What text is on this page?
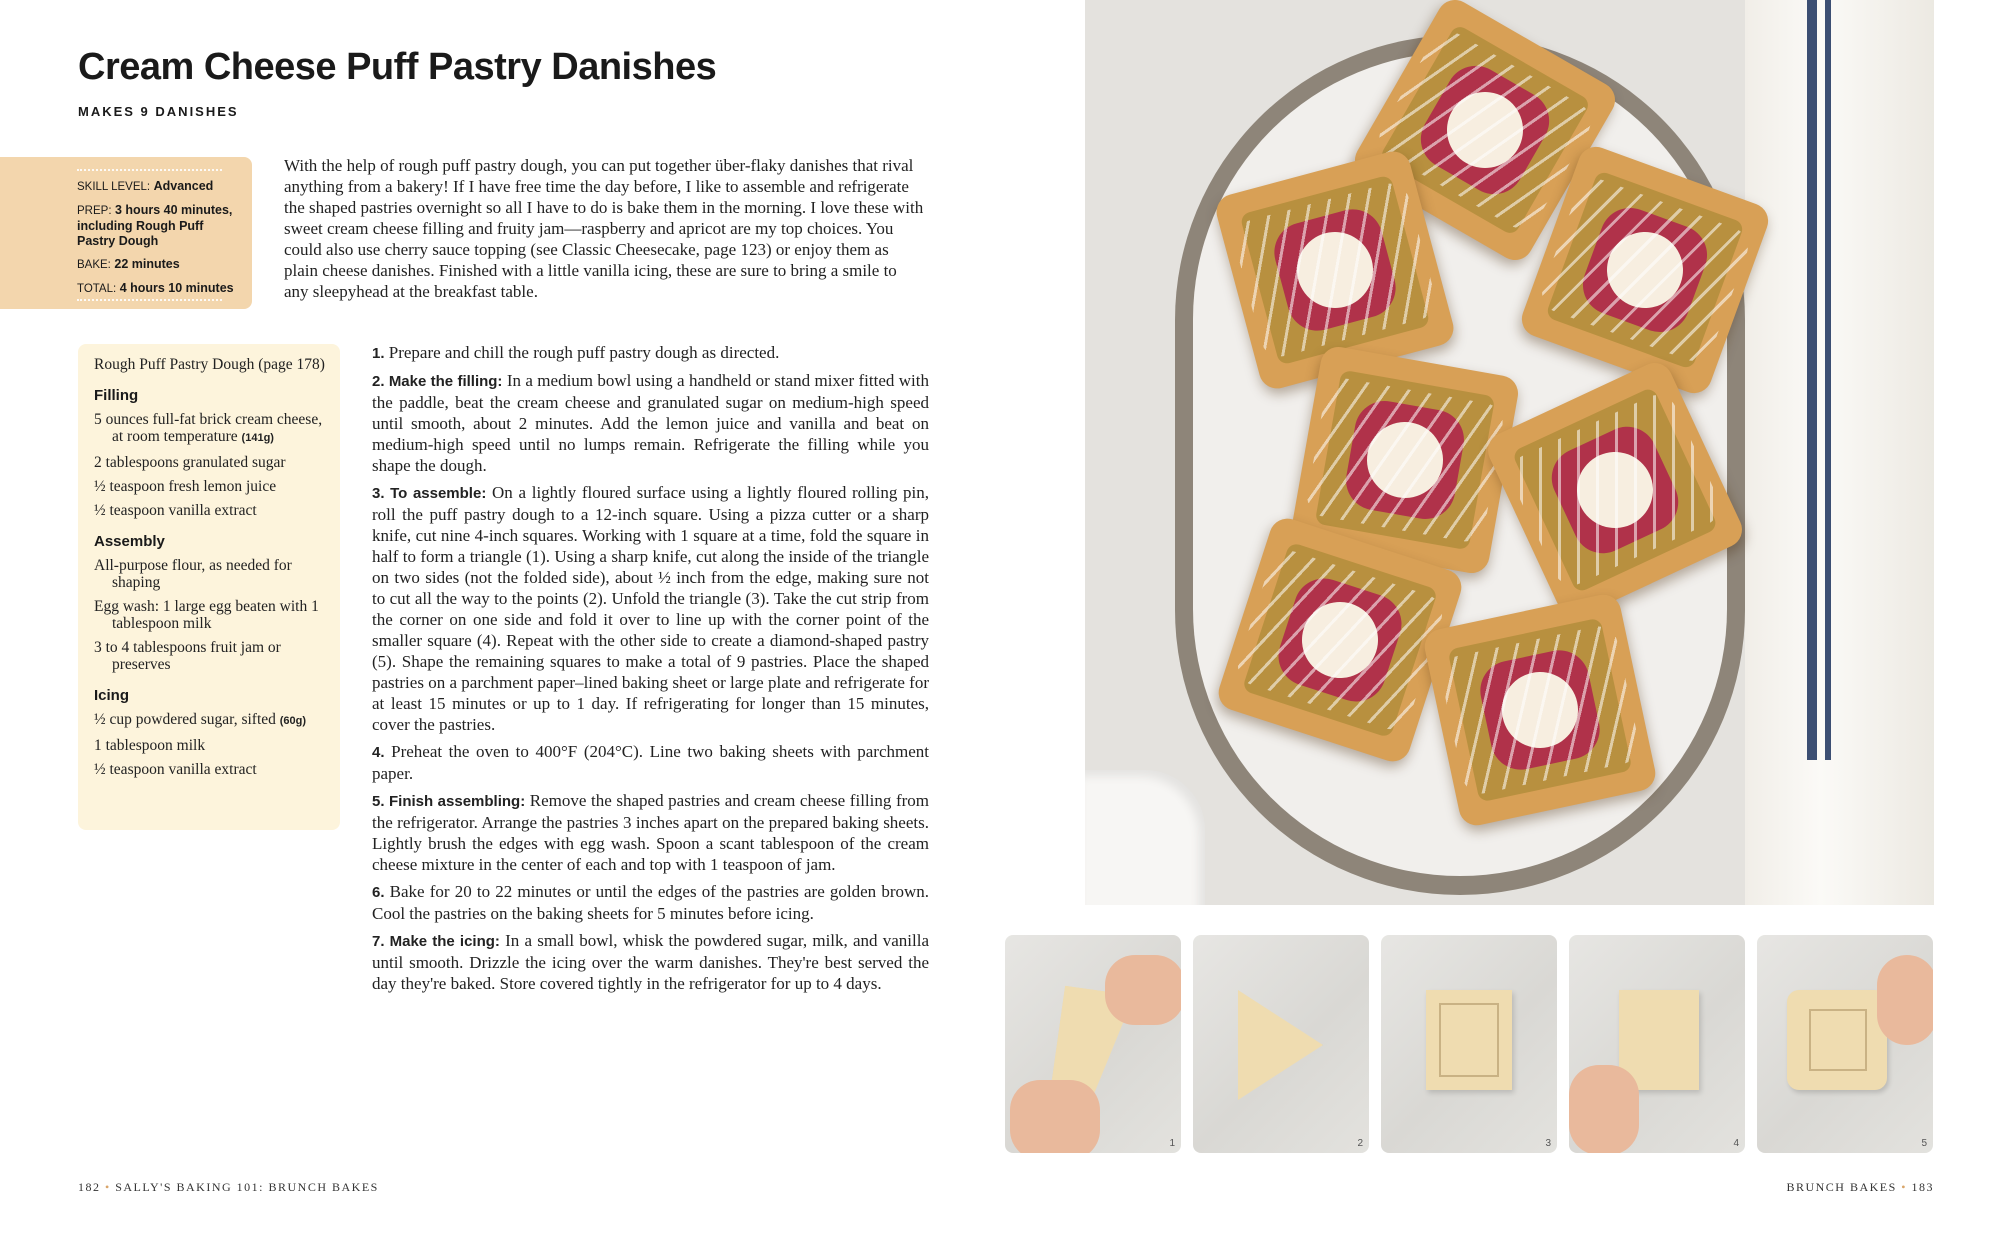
Cream Cheese Puff Pastry Danishes
MAKES 9 DANISHES
SKILL LEVEL: Advanced
PREP: 3 hours 40 minutes, including Rough Puff Pastry Dough
BAKE: 22 minutes
TOTAL: 4 hours 10 minutes

With the help of rough puff pastry dough, you can put together über-flaky danishes that rival anything from a bakery! If I have free time the day before, I like to assemble and refrigerate the shaped pastries overnight so all I have to do is bake them in the morning. I love these with sweet cream cheese filling and fruity jam—raspberry and apricot are my top choices. You could also use cherry sauce topping (see Classic Cheesecake, page 123) or enjoy them as plain cheese danishes. Finished with a little vanilla icing, these are sure to bring a smile to any sleepyhead at the breakfast table.

Rough Puff Pastry Dough (page 178)
Filling
5 ounces full-fat brick cream cheese, at room temperature (141g)
2 tablespoons granulated sugar
½ teaspoon fresh lemon juice
½ teaspoon vanilla extract
Assembly
All-purpose flour, as needed for shaping
Egg wash: 1 large egg beaten with 1 tablespoon milk
3 to 4 tablespoons fruit jam or preserves
Icing
½ cup powdered sugar, sifted (60g)
1 tablespoon milk
½ teaspoon vanilla extract

1. Prepare and chill the rough puff pastry dough as directed.

2. Make the filling: In a medium bowl using a handheld or stand mixer fitted with the paddle, beat the cream cheese and granulated sugar on medium-high speed until smooth, about 2 minutes. Add the lemon juice and vanilla and beat on medium-high speed until no lumps remain. Refrigerate the filling while you shape the dough.

3. To assemble: On a lightly floured surface using a lightly floured rolling pin, roll the puff pastry dough to a 12-inch square. Using a pizza cutter or a sharp knife, cut nine 4-inch squares. Working with 1 square at a time, fold the square in half to form a triangle (1). Using a sharp knife, cut along the inside of the triangle on two sides (not the folded side), about ½ inch from the edge, making sure not to cut all the way to the points (2). Unfold the triangle (3). Take the cut strip from the corner on one side and fold it over to line up with the corner point of the smaller square (4). Repeat with the other side to create a diamond-shaped pastry (5). Shape the remaining squares to make a total of 9 pastries. Place the shaped pastries on a parchment paper–lined baking sheet or large plate and refrigerate for at least 15 minutes or up to 1 day. If refrigerating for longer than 15 minutes, cover the pastries.

4. Preheat the oven to 400°F (204°C). Line two baking sheets with parchment paper.

5. Finish assembling: Remove the shaped pastries and cream cheese filling from the refrigerator. Arrange the pastries 3 inches apart on the prepared baking sheets. Lightly brush the edges with egg wash. Spoon a scant tablespoon of the cream cheese mixture in the center of each and top with 1 teaspoon of jam.

6. Bake for 20 to 22 minutes or until the edges of the pastries are golden brown. Cool the pastries on the baking sheets for 5 minutes before icing.

7. Make the icing: In a small bowl, whisk the powdered sugar, milk, and vanilla until smooth. Drizzle the icing over the warm danishes. They're best served the day they're baked. Store covered tightly in the refrigerator for up to 4 days.

1	2	3	4	5
182 • SALLY'S BAKING 101: BRUNCH BAKES	BRUNCH BAKES • 183
